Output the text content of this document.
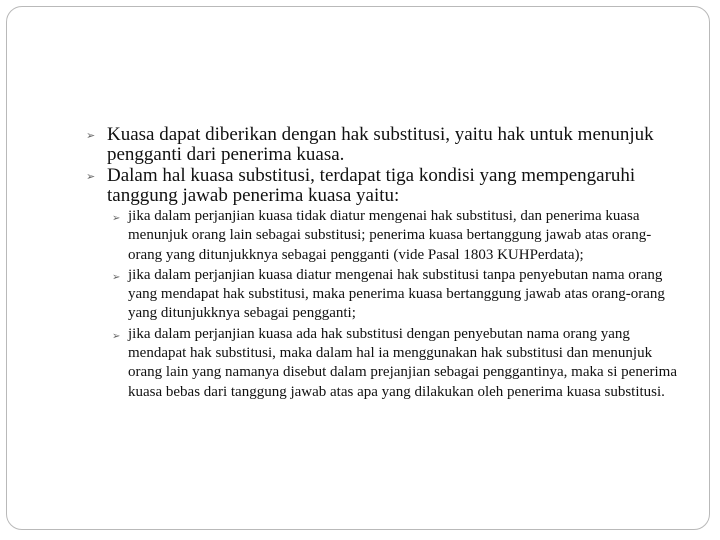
➢ Kuasa dapat diberikan dengan hak substitusi, yaitu hak untuk menunjuk pengganti dari penerima kuasa.

➢ Dalam hal kuasa substitusi, terdapat tiga kondisi yang mempengaruhi tanggung jawab penerima kuasa yaitu:

➢ jika dalam perjanjian kuasa tidak diatur mengenai hak substitusi, dan penerima kuasa menunjuk orang lain sebagai substitusi; penerima kuasa bertanggung jawab atas orang-orang yang ditunjukknya sebagai pengganti (vide Pasal 1803 KUHPerdata);

➢ jika dalam perjanjian kuasa diatur mengenai hak substitusi tanpa penyebutan nama orang yang mendapat hak substitusi, maka penerima kuasa bertanggung jawab atas orang-orang yang ditunjukknya sebagai pengganti;

➢ jika dalam perjanjian kuasa ada hak substitusi dengan penyebutan nama orang yang mendapat hak substitusi, maka dalam hal ia menggunakan hak substitusi dan menunjuk orang lain yang namanya disebut dalam prejanjian sebagai penggantinya, maka si penerima kuasa bebas dari tanggung jawab atas apa yang dilakukan oleh penerima kuasa substitusi.
